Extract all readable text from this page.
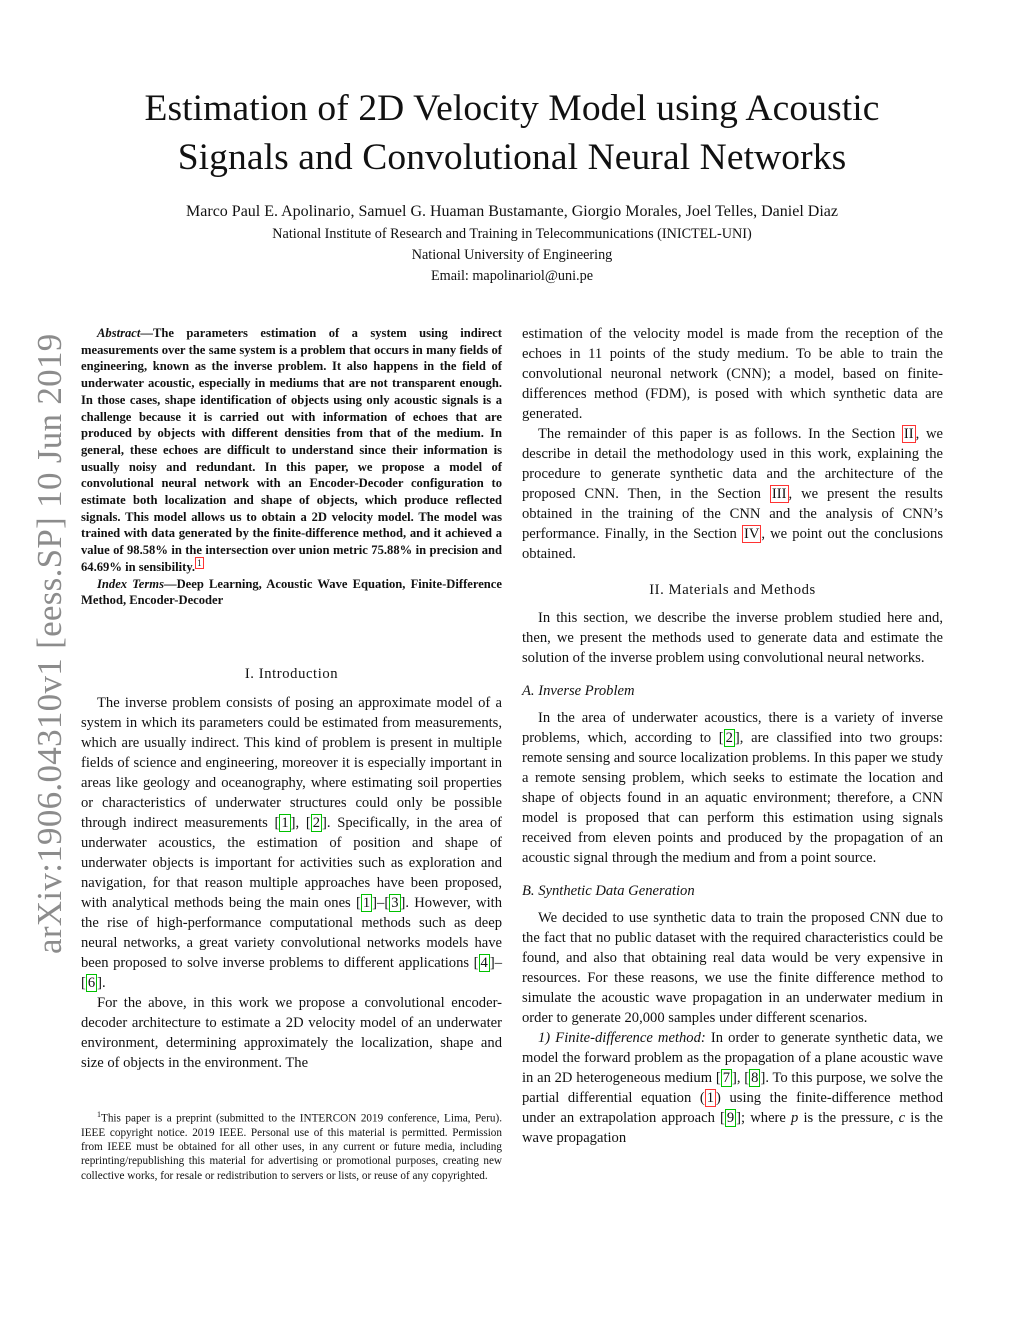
arXiv:1906.04310v1 [eess.SP] 10 Jun 2019
Estimation of 2D Velocity Model using Acoustic
Signals and Convolutional Neural Networks
Marco Paul E. Apolinario, Samuel G. Huaman Bustamante, Giorgio Morales, Joel Telles, Daniel Diaz
National Institute of Research and Training in Telecommunications (INICTEL-UNI)
National University of Engineering
Email: mapolinariol@uni.pe

Abstract—The parameters estimation of a system using indirect measurements over the same system is a problem that occurs in many fields of engineering, known as the inverse problem. It also happens in the field of underwater acoustic, especially in mediums that are not transparent enough. In those cases, shape identification of objects using only acoustic signals is a challenge because it is carried out with information of echoes that are produced by objects with different densities from that of the medium. In general, these echoes are difficult to understand since their information is usually noisy and redundant. In this paper, we propose a model of convolutional neural network with an Encoder-Decoder configuration to estimate both localization and shape of objects, which produce reflected signals. This model allows us to obtain a 2D velocity model. The model was trained with data generated by the finite-difference method, and it achieved a value of 98.58% in the intersection over union metric 75.88% in precision and 64.69% in sensibility. $^1$

Index Terms—Deep Learning, Acoustic Wave Equation, Finite-Difference Method, Encoder-Decoder

I. Introduction

The inverse problem consists of posing an approximate model of a system in which its parameters could be estimated from measurements, which are usually indirect. This kind of problem is present in multiple fields of science and engineering, moreover it is especially important in areas like geology and oceanography, where estimating soil properties or characteristics of underwater structures could only be possible through indirect measurements [ 1 ], [ 2 ]. Specifically, in the area of underwater acoustics, the estimation of position and shape of underwater objects is important for activities such as exploration and navigation, for that reason multiple approaches have been proposed, with analytical methods being the main ones [ 1 ]–[ 3 ]. However, with the rise of high-performance computational methods such as deep neural networks, a great variety convolutional networks models have been proposed to solve inverse problems to different applications [ 4 ]–[ 6 ].

For the above, in this work we propose a convolutional encoder-decoder architecture to estimate a 2D velocity model of an underwater environment, determining approximately the localization, shape and size of objects in the environment. The

$^1$This paper is a preprint (submitted to the INTERCON 2019 conference, Lima, Peru). IEEE copyright notice. 2019 IEEE. Personal use of this material is permitted. Permission from IEEE must be obtained for all other uses, in any current or future media, including reprinting/republishing this material for advertising or promotional purposes, creating new collective works, for resale or redistribution to servers or lists, or reuse of any copyrighted.

estimation of the velocity model is made from the reception of the echoes in 11 points of the study medium. To be able to train the convolutional neuronal network (CNN); a model, based on finite-differences method (FDM), is posed with which synthetic data are generated.

The remainder of this paper is as follows. In the Section II , we describe in detail the methodology used in this work, explaining the procedure to generate synthetic data and the architecture of the proposed CNN. Then, in the Section III , we present the results obtained in the training of the CNN and the analysis of CNN’s performance. Finally, in the Section IV , we point out the conclusions obtained.

II. Materials and Methods

In this section, we describe the inverse problem studied here and, then, we present the methods used to generate data and estimate the solution of the inverse problem using convolutional neural networks.

A. Inverse Problem

In the area of underwater acoustics, there is a variety of inverse problems, which, according to [ 2 ], are classified into two groups: remote sensing and source localization problems. In this paper we study a remote sensing problem, which seeks to estimate the location and shape of objects found in an aquatic environment; therefore, a CNN model is proposed that can perform this estimation using signals received from eleven points and produced by the propagation of an acoustic signal through the medium and from a point source.

B. Synthetic Data Generation

We decided to use synthetic data to train the proposed CNN due to the fact that no public dataset with the required characteristics could be found, and also that obtaining real data would be very expensive in resources. For these reasons, we use the finite difference method to simulate the acoustic wave propagation in an underwater medium in order to generate 20,000 samples under different scenarios.

1) Finite-difference method: In order to generate synthetic data, we model the forward problem as the propagation of a plane acoustic wave in an 2D heterogeneous medium [ 7 ], [ 8 ]. To this purpose, we solve the partial differential equation ( 1 ) using the finite-difference method under an extrapolation approach [ 9 ]; where p is the pressure, c is the wave propagation
